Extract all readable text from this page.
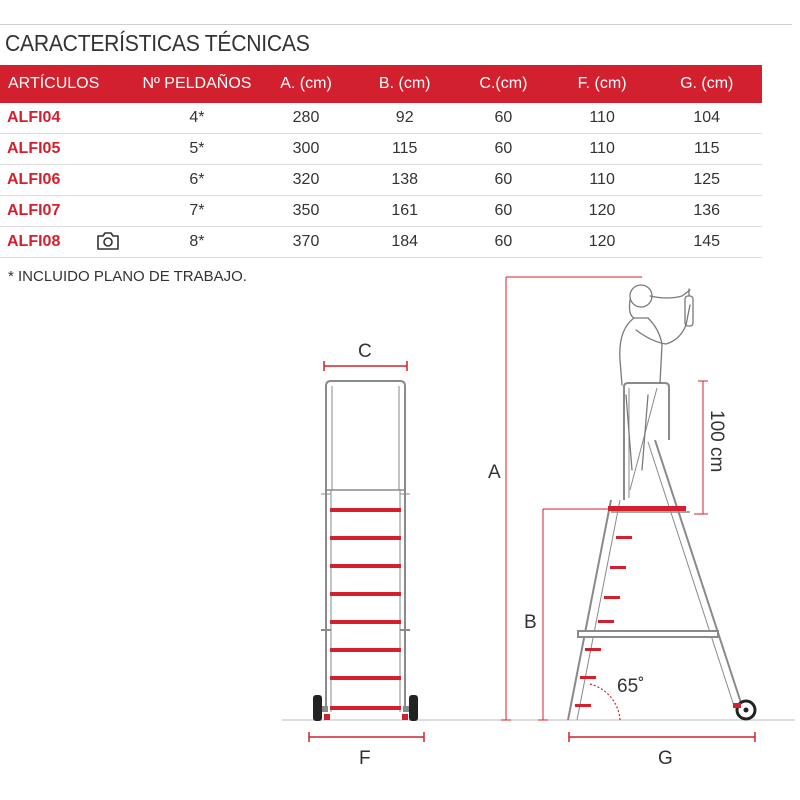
CARACTERÍSTICAS TÉCNICAS
ARTÍCULOS	Nº PELDAÑOS	A. (cm)	B. (cm)	C.(cm)	F. (cm)	G. (cm)
ALFI04	4*	280	92	60	110	104
ALFI05	5*	300	115	60	110	115
ALFI06	6*	320	138	60	110	125
ALFI07	7*	350	161	60	120	136
ALFI08	8*	370	184	60	120	145
* INCLUIDO PLANO DE TRABAJO.
C
F
A
B
100 cm
G
65˚
